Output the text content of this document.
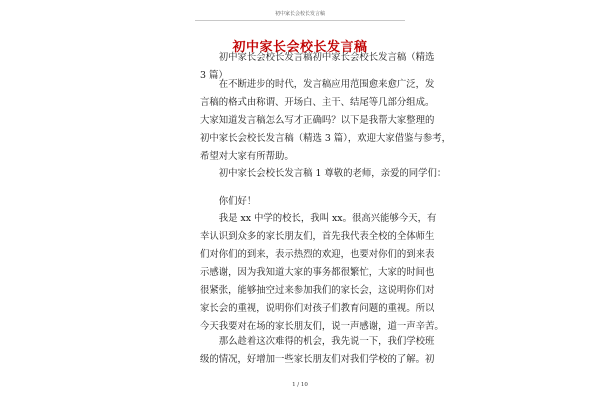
初中家长会校长发言稿
初中家长会校长发言稿
　　初中家长会校长发言稿初中家长会校长发言稿（精选
3 篇）
　　在不断进步的时代，发言稿应用范围愈来愈广泛，发
言稿的格式由称谓、开场白、主干、结尾等几部分组成。
大家知道发言稿怎么写才正确吗？以下是我帮大家整理的
初中家长会校长发言稿（精选 3 篇），欢迎大家借鉴与参考，
希望对大家有所帮助。
　　初中家长会校长发言稿 1 尊敬的老师，亲爱的同学们：
　　你们好！
　　我是 xx 中学的校长，我叫 xx。很高兴能够今天，有
幸认识到众多的家长朋友们，首先我代表全校的全体师生
们对你们的到来，表示热烈的欢迎，也要对你们的到来表
示感谢，因为我知道大家的事务都很繁忙，大家的时间也
很紧张，能够抽空过来参加我们的家长会，这说明你们对
家长会的重视，说明你们对孩子们教育问题的重视。所以
今天我要对在场的家长朋友们，说一声感谢，道一声辛苦。
　　那么趁着这次难得的机会，我先说一下，我们学校班
级的情况，好增加一些家长朋友们对我们学校的了解。初
1 / 10
